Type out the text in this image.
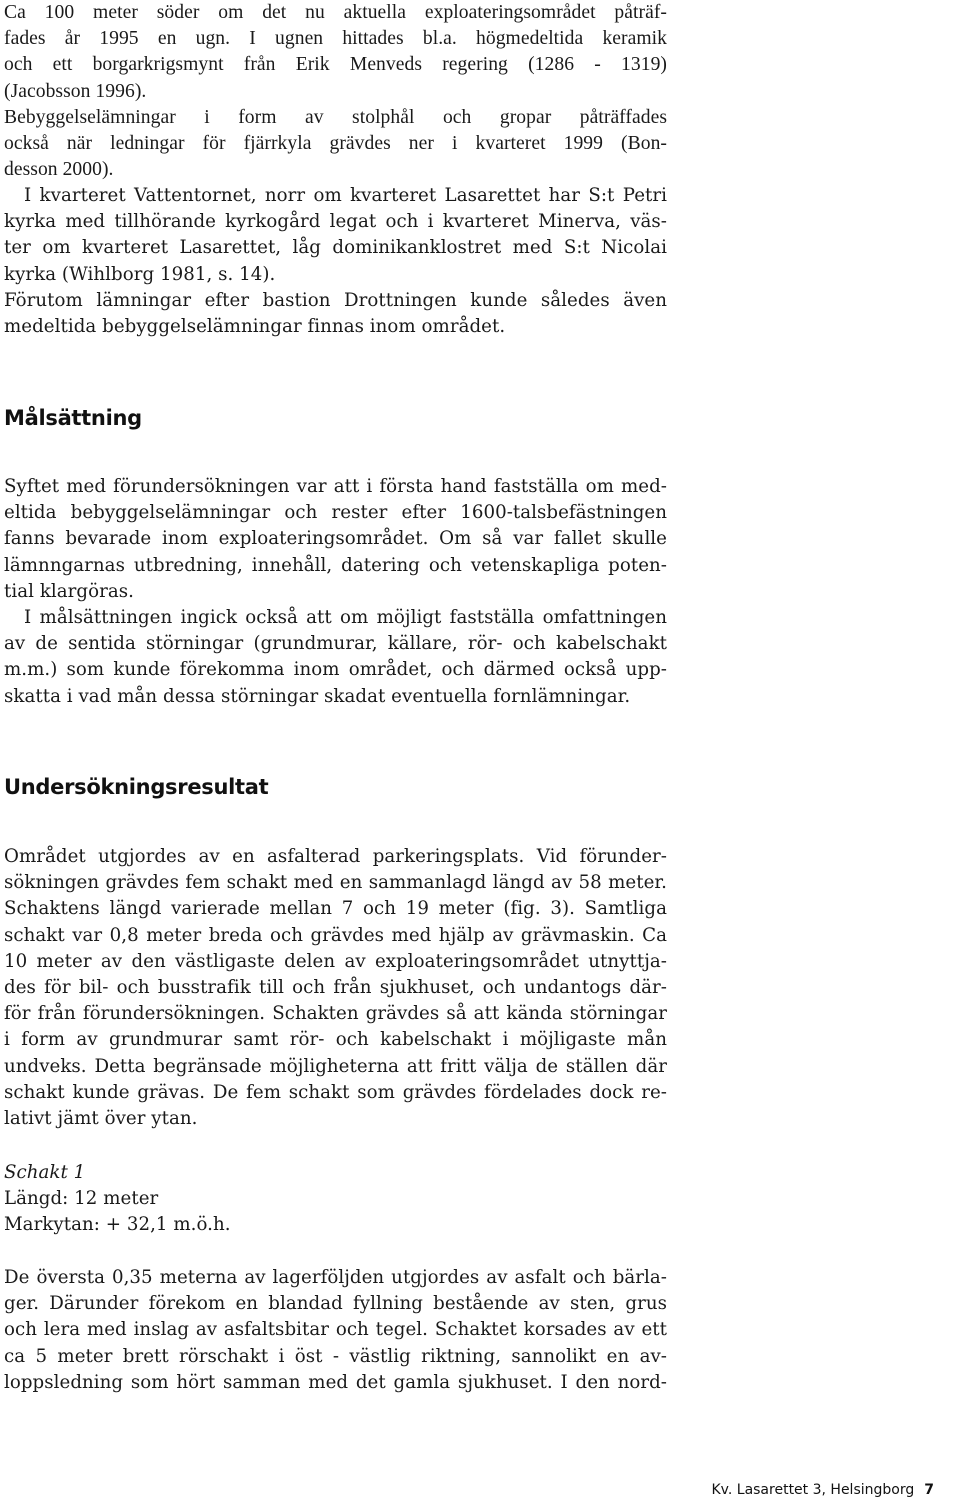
Ca 100 meter söder om det nu aktuella exploateringsområdet påträf-
fades år 1995 en ugn. I ugnen hittades bl.a. högmedeltida keramik
och ett borgarkrigsmynt från Erik Menveds regering (1286 - 1319)
(Jacobsson 1996).
Bebyggelselämningar i form av stolphål och gropar påträffades
också när ledningar för fjärrkyla grävdes ner i kvarteret 1999 (Bon-
desson 2000).
I kvarteret Vattentornet, norr om kvarteret Lasarettet har S:t Petri
kyrka med tillhörande kyrkogård legat och i kvarteret Minerva, väs-
ter om kvarteret Lasarettet, låg dominikanklostret med S:t Nicolai
kyrka (Wihlborg 1981, s. 14).
Förutom lämningar efter bastion Drottningen kunde således även
medeltida bebyggelselämningar finnas inom området.
Målsättning
Syftet med förundersökningen var att i första hand fastställa om med-
eltida bebyggelselämningar och rester efter 1600-talsbefästningen
fanns bevarade inom exploateringsområdet. Om så var fallet skulle
lämnngarnas utbredning, innehåll, datering och vetenskapliga poten-
tial klargöras.
I målsättningen ingick också att om möjligt fastställa omfattningen
av de sentida störningar (grundmurar, källare, rör- och kabelschakt
m.m.) som kunde förekomma inom området, och därmed också upp-
skatta i vad mån dessa störningar skadat eventuella fornlämningar.
Undersökningsresultat
Området utgjordes av en asfalterad parkeringsplats. Vid förunder-
sökningen grävdes fem schakt med en sammanlagd längd av 58 meter.
Schaktens längd varierade mellan 7 och 19 meter (fig. 3). Samtliga
schakt var 0,8 meter breda och grävdes med hjälp av grävmaskin. Ca
10 meter av den västligaste delen av exploateringsområdet utnyttja-
des för bil- och busstrafik till och från sjukhuset, och undantogs där-
för från förundersökningen. Schakten grävdes så att kända störningar
i form av grundmurar samt rör- och kabelschakt i möjligaste mån
undveks. Detta begränsade möjligheterna att fritt välja de ställen där
schakt kunde grävas. De fem schakt som grävdes fördelades dock re-
lativt jämt över ytan.
Schakt 1
Längd: 12 meter
Markytan: + 32,1 m.ö.h.
De översta 0,35 meterna av lagerföljden utgjordes av asfalt och bärla-
ger. Därunder förekom en blandad fyllning bestående av sten, grus
och lera med inslag av asfaltsbitar och tegel. Schaktet korsades av ett
ca 5 meter brett rörschakt i öst - västlig riktning, sannolikt en av-
loppsledning som hört samman med det gamla sjukhuset. I den nord-
Kv. Lasarettet 3, Helsingborg 7
